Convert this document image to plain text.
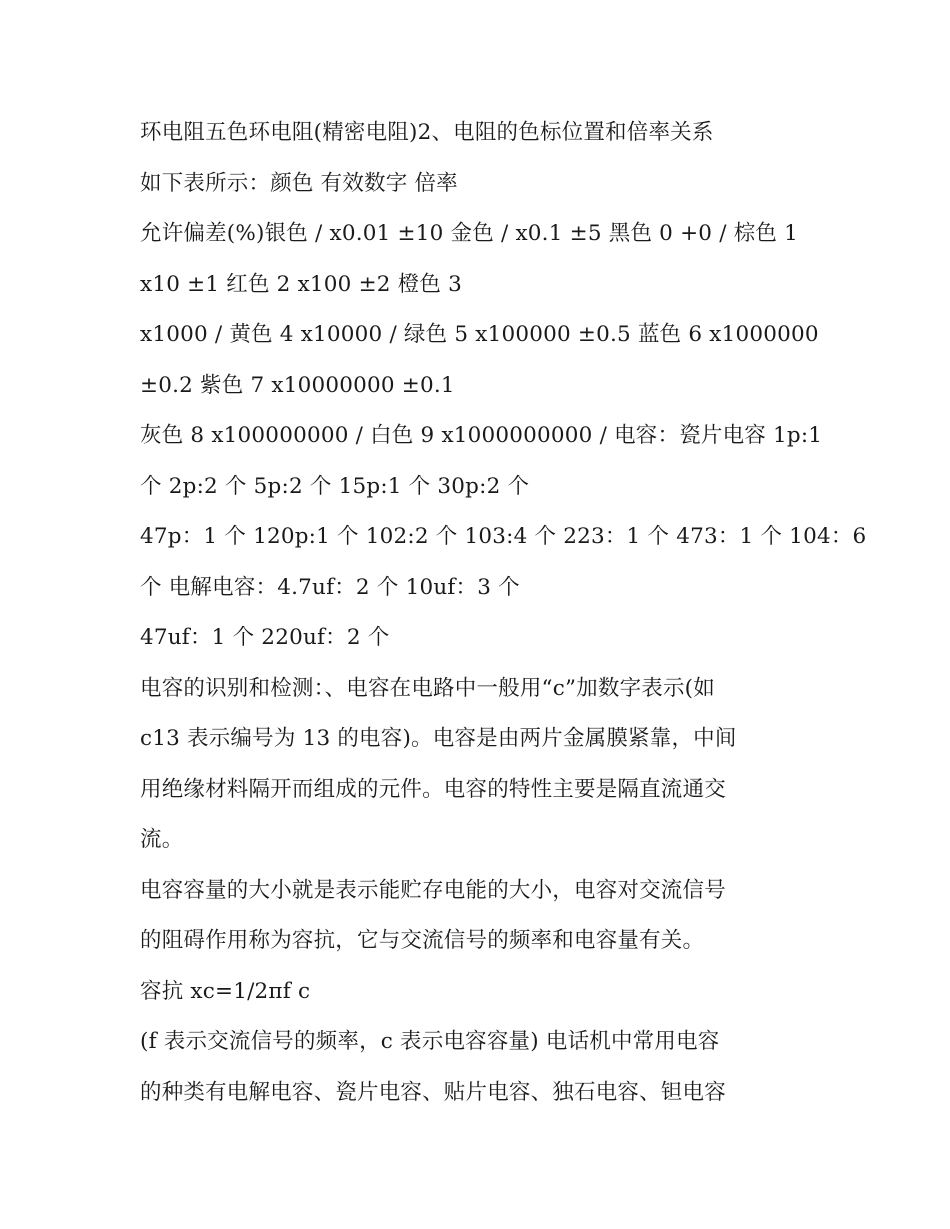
环电阻五色环电阻(精密电阻)2、电阻的色标位置和倍率关系
如下表所示：颜色 有效数字 倍率
允许偏差(%)银色 / x0.01 ±10 金色 / x0.1 ±5 黑色 0 +0 / 棕色 1
x10 ±1 红色 2 x100 ±2 橙色 3
x1000 / 黄色 4 x10000 / 绿色 5 x100000 ±0.5 蓝色 6 x1000000
±0.2 紫色 7 x10000000 ±0.1
灰色 8 x100000000 / 白色 9 x1000000000 / 电容：瓷片电容 1p:1
个 2p:2 个 5p:2 个 15p:1 个 30p:2 个
47p：1 个 120p:1 个 102:2 个 103:4 个 223：1 个 473：1 个 104：6
个 电解电容：4.7uf：2 个 10uf：3 个
47uf：1 个 220uf：2 个
电容的识别和检测：、电容在电路中一般用“c”加数字表示(如
c13 表示编号为 13 的电容)。电容是由两片金属膜紧靠，中间
用绝缘材料隔开而组成的元件。电容的特性主要是隔直流通交
流。
电容容量的大小就是表示能贮存电能的大小，电容对交流信号
的阻碍作用称为容抗，它与交流信号的频率和电容量有关。
容抗 xc=1/2πf c
(f 表示交流信号的频率，c 表示电容容量) 电话机中常用电容
的种类有电解电容、瓷片电容、贴片电容、独石电容、钽电容
